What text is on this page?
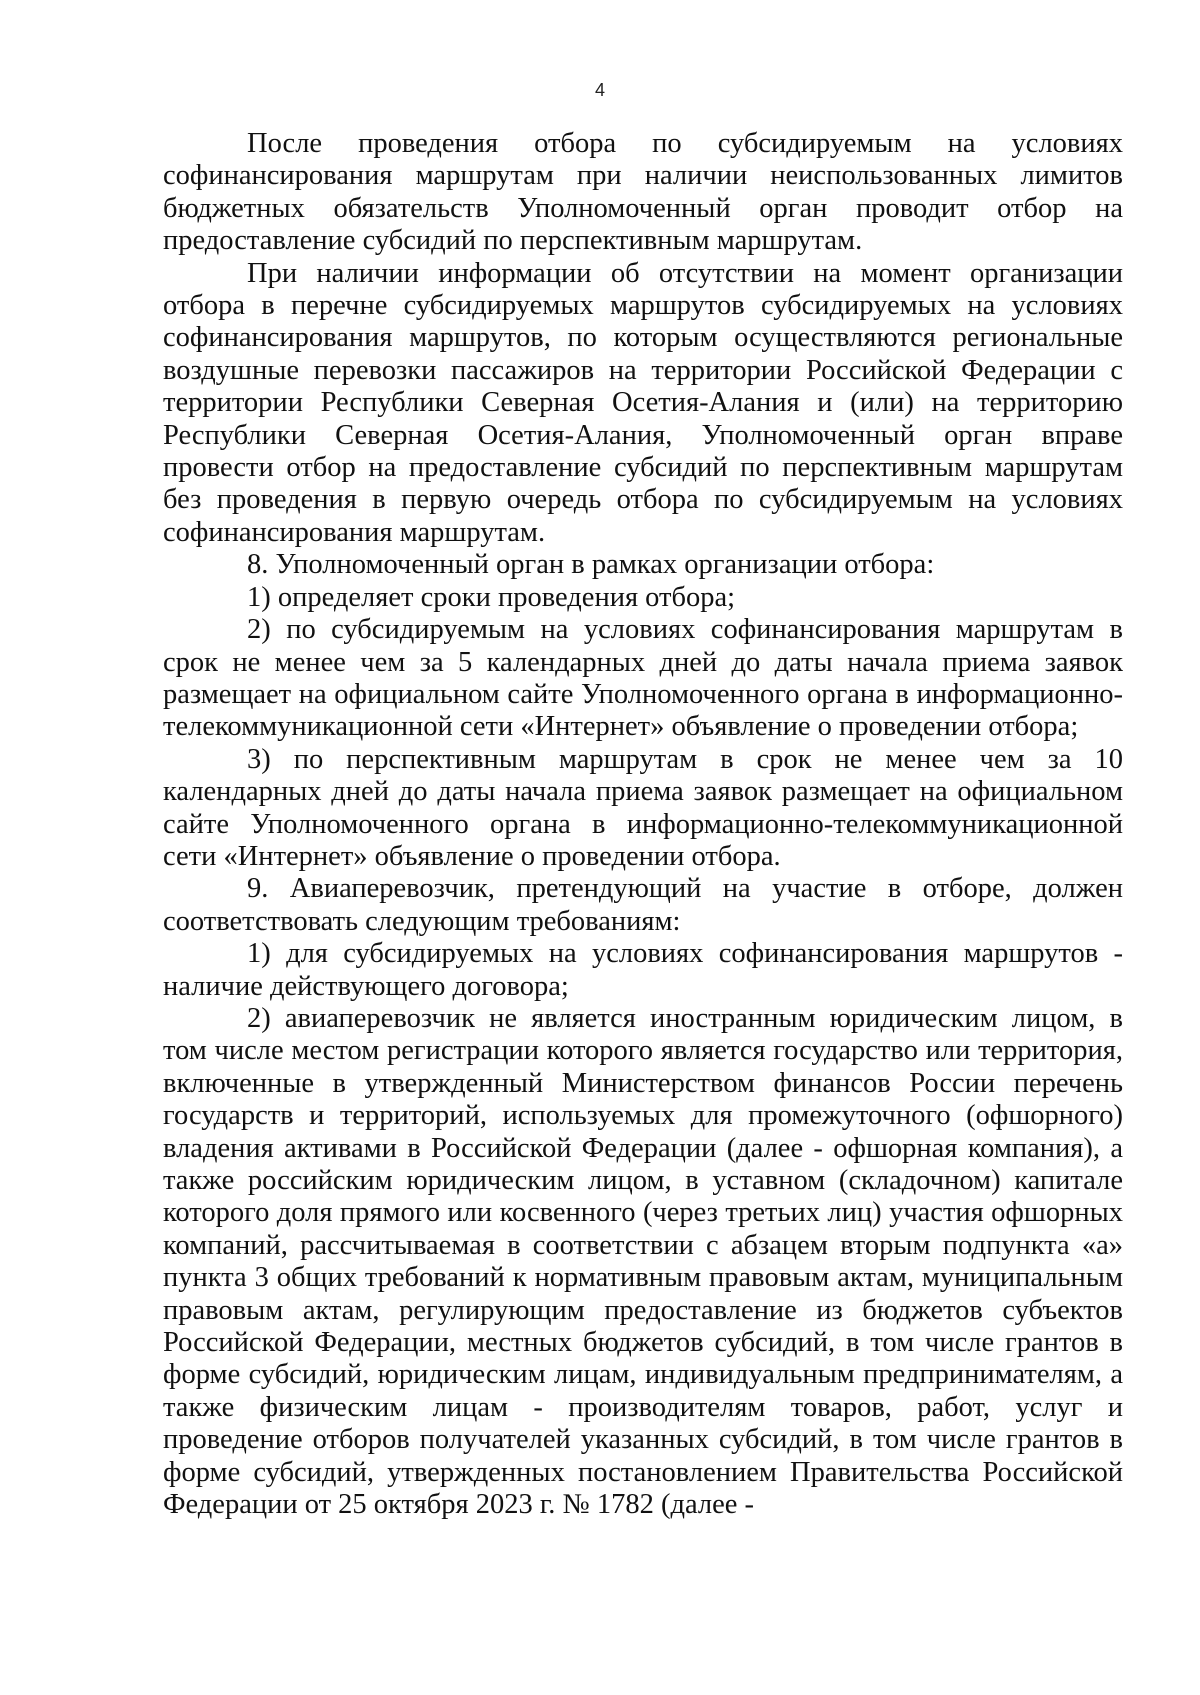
4

После проведения отбора по субсидируемым на условиях софинансирования маршрутам при наличии неиспользованных лимитов бюджетных обязательств Уполномоченный орган проводит отбор на предоставление субсидий по перспективным маршрутам.

При наличии информации об отсутствии на момент организации отбора в перечне субсидируемых маршрутов субсидируемых на условиях софинансирования маршрутов, по которым осуществляются региональные воздушные перевозки пассажиров на территории Российской Федерации с территории Республики Северная Осетия-Алания и (или) на территорию Республики Северная Осетия-Алания, Уполномоченный орган вправе провести отбор на предоставление субсидий по перспективным маршрутам без проведения в первую очередь отбора по субсидируемым на условиях софинансирования маршрутам.

8. Уполномоченный орган в рамках организации отбора:

1) определяет сроки проведения отбора;

2) по субсидируемым на условиях софинансирования маршрутам в срок не менее чем за 5 календарных дней до даты начала приема заявок размещает на официальном сайте Уполномоченного органа в информационно-телекоммуникационной сети «Интернет» объявление о проведении отбора;

3) по перспективным маршрутам в срок не менее чем за 10 календарных дней до даты начала приема заявок размещает на официальном сайте Уполномоченного органа в информационно-телекоммуникационной сети «Интернет» объявление о проведении отбора.

9. Авиаперевозчик, претендующий на участие в отборе, должен соответствовать следующим требованиям:

1) для субсидируемых на условиях софинансирования маршрутов - наличие действующего договора;

2) авиаперевозчик не является иностранным юридическим лицом, в том числе местом регистрации которого является государство или территория, включенные в утвержденный Министерством финансов России перечень государств и территорий, используемых для промежуточного (офшорного) владения активами в Российской Федерации (далее - офшорная компания), а также российским юридическим лицом, в уставном (складочном) капитале которого доля прямого или косвенного (через третьих лиц) участия офшорных компаний, рассчитываемая в соответствии с абзацем вторым подпункта «а» пункта 3 общих требований к нормативным правовым актам, муниципальным правовым актам, регулирующим предоставление из бюджетов субъектов Российской Федерации, местных бюджетов субсидий, в том числе грантов в форме субсидий, юридическим лицам, индивидуальным предпринимателям, а также физическим лицам - производителям товаров, работ, услуг и проведение отборов получателей указанных субсидий, в том числе грантов в форме субсидий, утвержденных постановлением Правительства Российской Федерации от 25 октября 2023 г. № 1782 (далее -
